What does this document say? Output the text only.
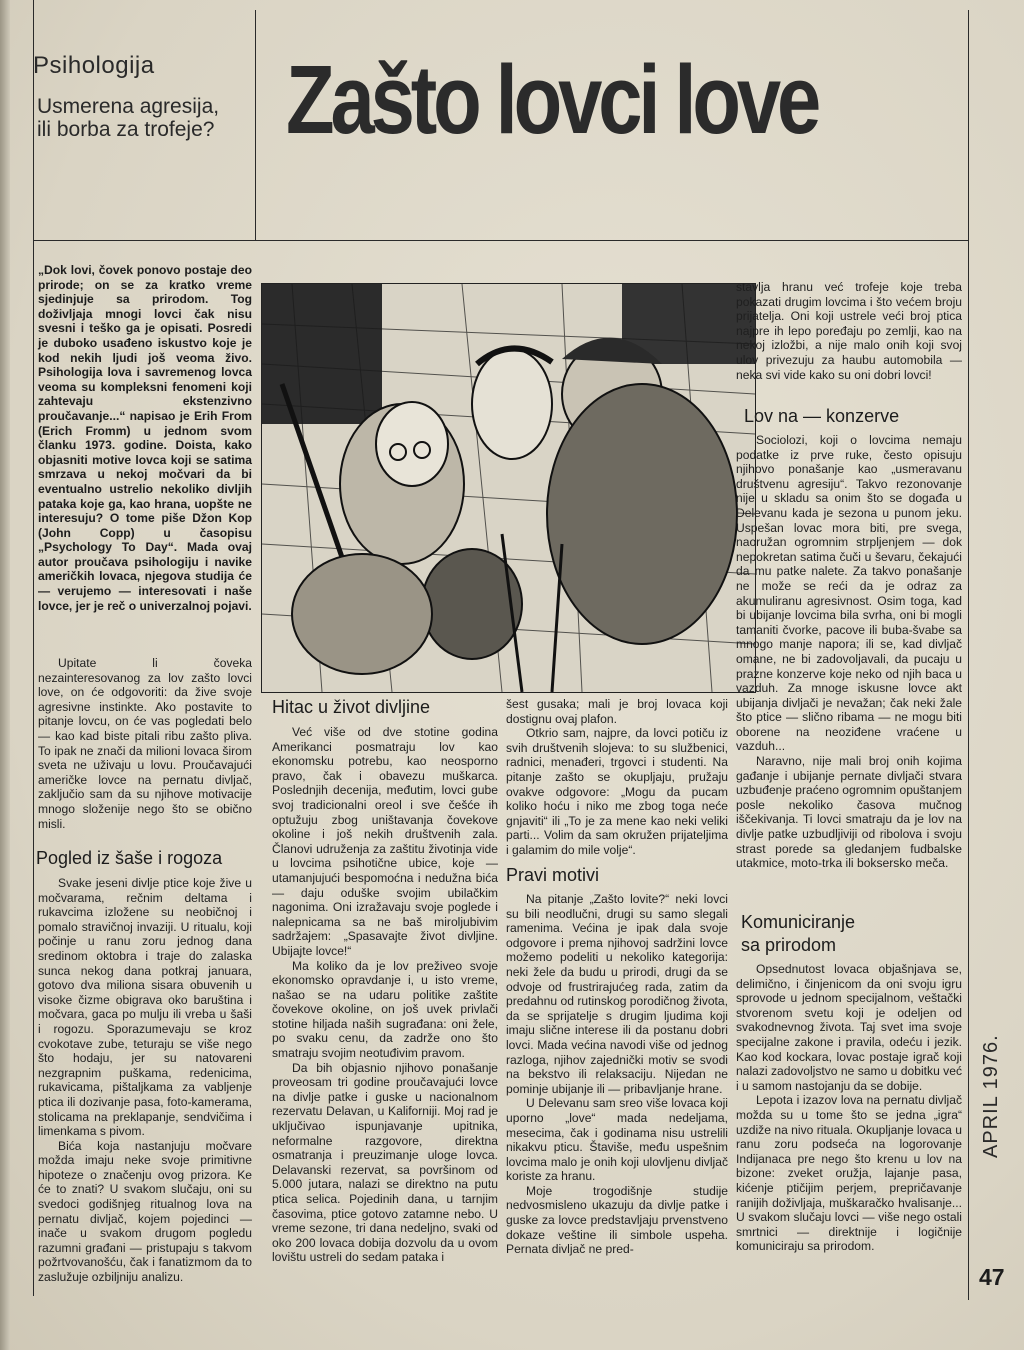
Psihologija
Usmerena agresija,
ili borba za trofeje? Zašto lovci love
„Dok lovi, čovek ponovo postaje deo prirode; on se za kratko vreme sjedinjuje sa prirodom. Tog doživljaja mnogi lovci čak nisu svesni i teško ga je opisati. Posredi je duboko usađeno iskustvo koje je kod nekih ljudi još veoma živo. Psihologija lova i savremenog lovca veoma su kompleksni fenomeni koji zahtevaju ekstenzivno proučavanje...“ napisao je Erih From (Erich Fromm) u jednom svom članku 1973. godine. Doista, kako objasniti motive lovca koji se satima smrzava u nekoj močvari da bi eventualno ustrelio nekoliko divljih pataka koje ga, kao hrana, uopšte ne interesuju? O tome piše Džon Kop (John Copp) u časopisu „Psychology To Day“. Mada ovaj autor proučava psihologiju i navike američkih lovaca, njegova studija će — verujemo — interesovati i naše lovce, jer je reč o univerzalnoj pojavi.

Upitate li čoveka nezainteresovanog za lov zašto lovci love, on će odgovoriti: da žive svoje agresivne instinkte. Ako postavite to pitanje lovcu, on će vas pogledati belo — kao kad biste pitali ribu zašto pliva. To ipak ne znači da milioni lovaca širom sveta ne uživaju u lovu. Proučavajući američke lovce na pernatu divljač, zaključio sam da su njihove motivacije mnogo složenije nego što se obično misli.

Pogled iz šaše i rogoza

Svake jeseni divlje ptice koje žive u močvarama, rečnim deltama i rukavcima izložene su neobičnoj i pomalo stravičnoj invaziji. U ritualu, koji počinje u ranu zoru jednog dana sredinom oktobra i traje do zalaska sunca nekog dana potkraj januara, gotovo dva miliona sisara obuvenih u visoke čizme obigrava oko baruština i močvara, gaca po mulju ili vreba u šaši i rogozu. Sporazumevaju se kroz cvokotave zube, teturaju se više nego što hodaju, jer su natovareni nezgrapnim puškama, redenicima, rukavicama, pištaljkama za vabljenje ptica ili dozivanje pasa, foto-kamerama, stolicama na preklapanje, sendvičima i limenkama s pivom.

Bića koja nastanjuju močvare možda imaju neke svoje primitivne hipoteze o značenju ovog prizora. Ke će to znati? U svakom slučaju, oni su svedoci godišnjeg ritualnog lova na pernatu divljač, kojem pojedinci — inače u svakom drugom pogledu razumni građani — pristupaju s takvom požrtvovanošću, čak i fanatizmom da to zaslužuje ozbiljniju analizu.

Hitac u život divljine

Već više od dve stotine godina Amerikanci posmatraju lov kao ekonomsku potrebu, kao neosporno pravo, čak i obavezu muškarca. Poslednjih decenija, međutim, lovci gube svoj tradicionalni oreol i sve češće ih optužuju zbog uništavanja čovekove okoline i još nekih društvenih zala. Članovi udruženja za zaštitu životinja vide u lovcima psihotične ubice, koje — utamanjujući bespomoćna i nedužna bića — daju oduške svojim ubilačkim nagonima. Oni izražavaju svoje poglede i nalepnicama sa ne baš miroljubivim sadržajem: „Spasavajte život divljine. Ubijajte lovce!“

Ma koliko da je lov preživeo svoje ekonomsko opravdanje i, u isto vreme, našao se na udaru politike zaštite čovekove okoline, on još uvek privlači stotine hiljada naših sugrađana: oni žele, po svaku cenu, da zadrže ono što smatraju svojim neotuđivim pravom.

Da bih objasnio njihovo ponašanje proveosam tri godine proučavajući lovce na divlje patke i guske u nacionalnom rezervatu Delavan, u Kaliforniji. Moj rad je uključivao ispunjavanje upitnika, neformalne razgovore, direktna osmatranja i preuzimanje uloge lovca. Delavanski rezervat, sa površinom od 5.000 jutara, nalazi se direktno na putu ptica selica. Pojedinih dana, u tarnjim časovima, ptice gotovo zatamne nebo. U vreme sezone, tri dana nedeljno, svaki od oko 200 lovaca dobija dozvolu da u ovom lovištu ustreli do sedam pataka i

šest gusaka; mali je broj lovaca koji dostignu ovaj plafon.

Otkrio sam, najpre, da lovci potiču iz svih društvenih slojeva: to su službenici, radnici, menađeri, trgovci i studenti. Na pitanje zašto se okupljaju, pružaju ovakve odgovore: „Mogu da pucam koliko hoću i niko me zbog toga neće gnjaviti“ ili „To je za mene kao neki veliki parti... Volim da sam okružen prijateljima i galamim do mile volje“.

Pravi motivi

Na pitanje „Zašto lovite?“ neki lovci su bili neodlučni, drugi su samo slegali ramenima. Većina je ipak dala svoje odgovore i prema njihovoj sadržini lovce možemo podeliti u nekoliko kategorija: neki žele da budu u prirodi, drugi da se odvoje od frustrirajućeg rada, zatim da predahnu od rutinskog porodičnog života, da se sprijatelje s drugim ljudima koji imaju slične interese ili da postanu dobri lovci. Mada većina navodi više od jednog razloga, njihov zajednički motiv se svodi na bekstvo ili relaksaciju. Nijedan ne pominje ubijanje ili — pribavljanje hrane.

U Delevanu sam sreo više lovaca koji uporno „love“ mada nedeljama, mesecima, čak i godinama nisu ustrelili nikakvu pticu. Štaviše, među uspešnim lovcima malo je onih koji ulovljenu divljač koriste za hranu.

Moje trogodišnje studije nedvosmisleno ukazuju da divlje patke i guske za lovce predstavljaju prvenstveno dokaze veštine ili simbole uspeha. Pernata divljač ne pred-

stavlja hranu već trofeje koje treba pokazati drugim lovcima i što većem broju prijatelja. Oni koji ustrele veći broj ptica najpre ih lepo poređaju po zemlji, kao na nekoj izložbi, a nije malo onih koji svoj ulov privezuju za haubu automobila — neka svi vide kako su oni dobri lovci!

Lov na — konzerve

Sociolozi, koji o lovcima nemaju podatke iz prve ruke, često opisuju njihovo ponašanje kao „usmeravanu društvenu agresiju“. Takvo rezonovanje nije u skladu sa onim što se događa u Delevanu kada je sezona u punom jeku. Uspešan lovac mora biti, pre svega, naoružan ogromnim strpljenjem — dok nepokretan satima čuči u ševaru, čekajući da mu patke nalete. Za takvo ponašanje ne može se reći da je odraz za akumuliranu agresivnost. Osim toga, kad bi ubijanje lovcima bila svrha, oni bi mogli tamaniti čvorke, pacove ili buba-švabe sa mnogo manje napora; ili se, kad divljač omane, ne bi zadovoljavali, da pucaju u prazne konzerve koje neko od njih baca u vazduh. Za mnoge iskusne lovce akt ubijanja divljači je nevažan; čak neki žale što ptice — slično ribama — ne mogu biti oborene na neoziđene vraćene u vazduh...

Naravno, nije mali broj onih kojima gađanje i ubijanje pernate divljači stvara uzbuđenje praćeno ogromnim opuštanjem posle nekoliko časova mučnog iščekivanja. Ti lovci smatraju da je lov na divlje patke uzbudljiviji od ribolova i svoju strast porede sa gledanjem fudbalske utakmice, moto-trka ili boksersko meča.

Komuniciranje
sa prirodom

Opsednutost lovaca objašnjava se, delimično, i činjenicom da oni svoju igru sprovode u jednom specijalnom, veštački stvorenom svetu koji je odeljen od svakodnevnog života. Taj svet ima svoje specijalne zakone i pravila, odeću i jezik. Kao kod kockara, lovac postaje igrač koji nalazi zadovoljstvo ne samo u dobitku već i u samom nastojanju da se dobije.

Lepota i izazov lova na pernatu divljač možda su u tome što se jedna „igra“ uzdiže na nivo rituala. Okupljanje lovaca u ranu zoru podseća na logorovanje Indijanaca pre nego što krenu u lov na bizone: zveket oružja, lajanje pasa, kićenje ptičijim perjem, prepričavanje ranijih doživljaja, muškaračko hvalisanje... U svakom slučaju lovci — više nego ostali smrtnici — direktnije i logičnije komuniciraju sa prirodom.

APRIL 1976.
47
